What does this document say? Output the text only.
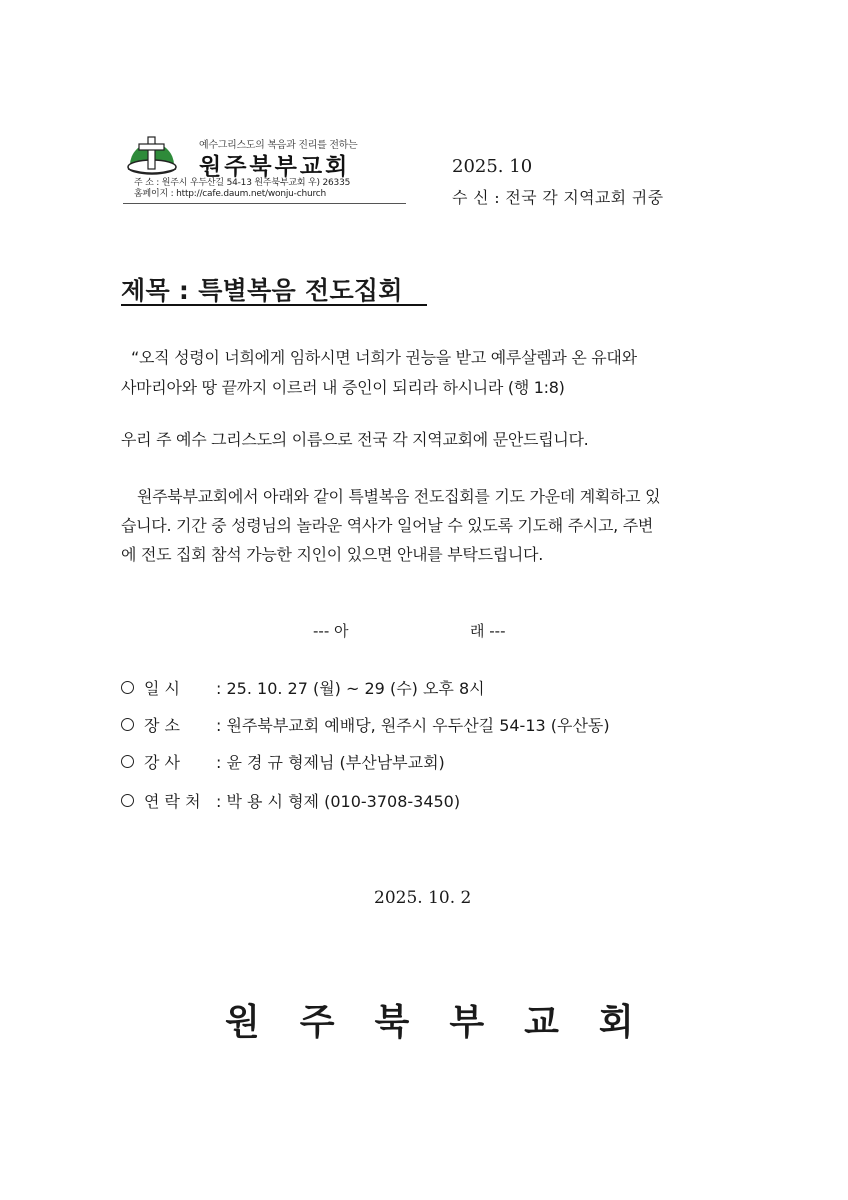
예수그리스도의 복음과 진리를 전하는
원주북부교회
주 소 : 원주시 우두산길 54-13 원주북부교회 우) 26335
홈페이지 : http://cafe.daum.net/wonju-church
2025. 10
수 신 : 전국 각 지역교회 귀중
제목 : 특별복음 전도집회
“오직 성령이 너희에게 임하시면 너희가 권능을 받고 예루살렘과 온 유대와
사마리아와 땅 끝까지 이르러 내 증인이 되리라 하시니라 (행 1:8)
우리 주 예수 그리스도의 이름으로 전국 각 지역교회에 문안드립니다.
원주북부교회에서 아래와 같이 특별복음 전도집회를 기도 가운데 계획하고 있
습니다. 기간 중 성령님의 놀라운 역사가 일어날 수 있도록 기도해 주시고, 주변
에 전도 집회 참석 가능한 지인이 있으면 안내를 부탁드립니다.
--- 아	래 ---
일 시 : 25. 10. 27 (월) ~ 29 (수) 오후 8시
장 소 : 원주북부교회 예배당, 원주시 우두산길 54-13 (우산동)
강 사 : 윤 경 규 형제님 (부산남부교회)
연 락 처 : 박 용 시 형제 (010-3708-3450)
2025. 10. 2
원주북부교회
